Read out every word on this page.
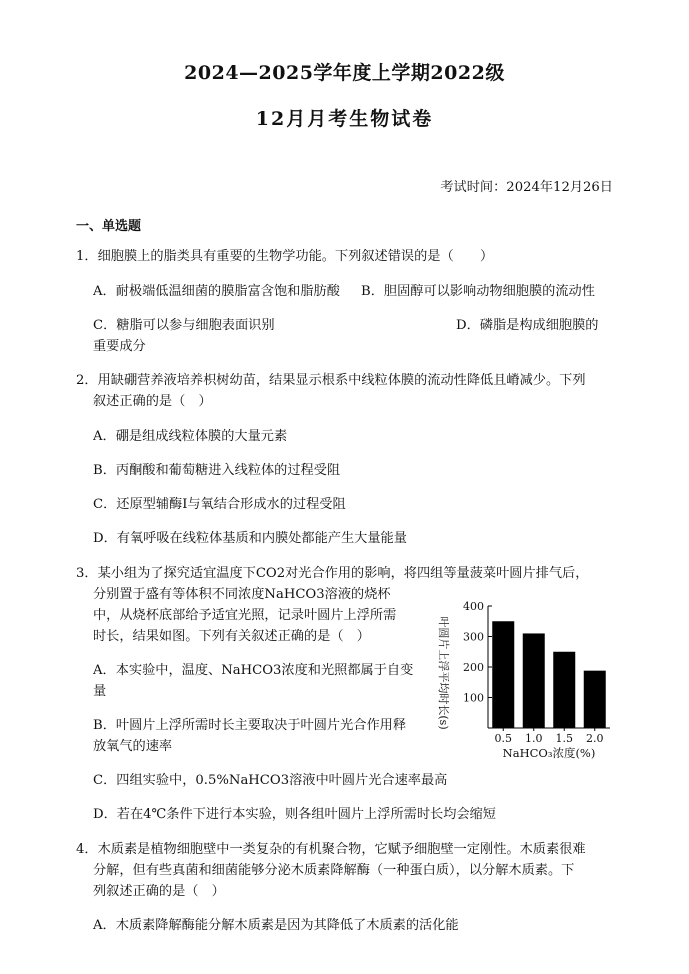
2024—2025学年度上学期2022级
12月月考生物试卷
考试时间：2024年12月26日
一、单选题
1．细胞膜上的脂类具有重要的生物学功能。下列叙述错误的是（　　）
A．耐极端低温细菌的膜脂富含饱和脂肪酸 B．胆固醇可以影响动物细胞膜的流动性
C．糖脂可以参与细胞表面识别	D．磷脂是构成细胞膜的
重要成分
2．用缺硼营养液培养枳树幼苗，结果显示根系中线粒体膜的流动性降低且嵴减少。下列
叙述正确的是（　）
A．硼是组成线粒体膜的大量元素
B．丙酮酸和葡萄糖进入线粒体的过程受阻
C．还原型辅酶Ⅰ与氧结合形成水的过程受阻
D．有氧呼吸在线粒体基质和内膜处都能产生大量能量
3．某小组为了探究适宜温度下CO2对光合作用的影响，将四组等量菠菜叶圆片排气后，
分别置于盛有等体积不同浓度NaHCO3溶液的烧杯
中，从烧杯底部给予适宜光照，记录叶圆片上浮所需
时长，结果如图。下列有关叙述正确的是（　）
A．本实验中，温度、NaHCO3浓度和光照都属于自变
量
B．叶圆片上浮所需时长主要取决于叶圆片光合作用释
放氧气的速率
C．四组实验中，0.5%NaHCO3溶液中叶圆片光合速率最高
D．若在4℃条件下进行本实验，则各组叶圆片上浮所需时长均会缩短
100
200
300
400
0.5 1.0 1.5 2.0
NaHCO₃浓度(%)
叶圆片上浮平均时长(s)
4．木质素是植物细胞壁中一类复杂的有机聚合物，它赋予细胞壁一定刚性。木质素很难
分解，但有些真菌和细菌能够分泌木质素降解酶（一种蛋白质），以分解木质素。下
列叙述正确的是（　）
A．木质素降解酶能分解木质素是因为其降低了木质素的活化能
